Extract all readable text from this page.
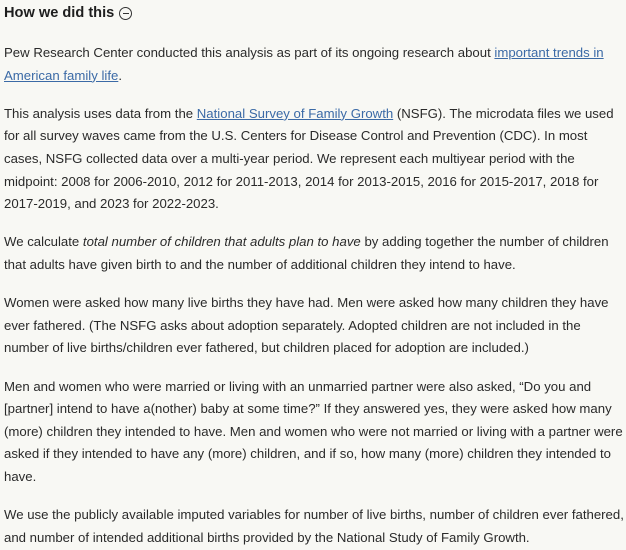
How we did this

Pew Research Center conducted this analysis as part of its ongoing research about important trends in American family life.

This analysis uses data from the National Survey of Family Growth (NSFG). The microdata files we used for all survey waves came from the U.S. Centers for Disease Control and Prevention (CDC). In most cases, NSFG collected data over a multi-year period. We represent each multiyear period with the midpoint: 2008 for 2006-2010, 2012 for 2011-2013, 2014 for 2013-2015, 2016 for 2015-2017, 2018 for 2017-2019, and 2023 for 2022-2023.

We calculate total number of children that adults plan to have by adding together the number of children that adults have given birth to and the number of additional children they intend to have.

Women were asked how many live births they have had. Men were asked how many children they have ever fathered. (The NSFG asks about adoption separately. Adopted children are not included in the number of live births/children ever fathered, but children placed for adoption are included.)

Men and women who were married or living with an unmarried partner were also asked, “Do you and [partner] intend to have a(nother) baby at some time?” If they answered yes, they were asked how many (more) children they intended to have. Men and women who were not married or living with a partner were asked if they intended to have any (more) children, and if so, how many (more) children they intended to have.

We use the publicly available imputed variables for number of live births, number of children ever fathered, and number of intended additional births provided by the National Study of Family Growth.
